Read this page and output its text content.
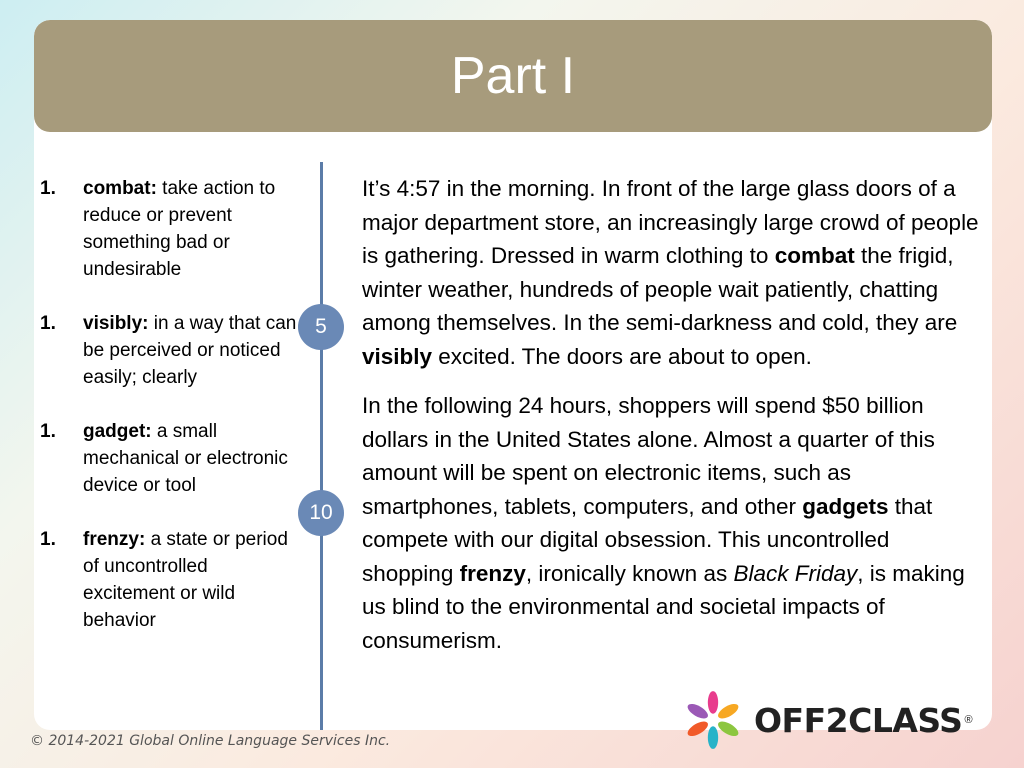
Part I
1.	combat: take action to reduce or prevent something bad or undesirable
1.	visibly: in a way that can be perceived or noticed easily; clearly
1.	gadget: a small mechanical or electronic device or tool
1.	frenzy: a state or period of uncontrolled excitement or wild behavior
5
10

It’s 4:57 in the morning. In front of the large glass doors of a major department store, an increasingly large crowd of people is gathering. Dressed in warm clothing to combat the frigid, winter weather, hundreds of people wait patiently, chatting among themselves. In the semi-darkness and cold, they are visibly excited. The doors are about to open.

In the following 24 hours, shoppers will spend $50 billion dollars in the United States alone. Almost a quarter of this amount will be spent on electronic items, such as smartphones, tablets, computers, and other gadgets that compete with our digital obsession. This uncontrolled shopping frenzy, ironically known as Black Friday, is making us blind to the environmental and societal impacts of consumerism.

© 2014-2021 Global Online Language Services Inc.
OFF2CLASS ®
